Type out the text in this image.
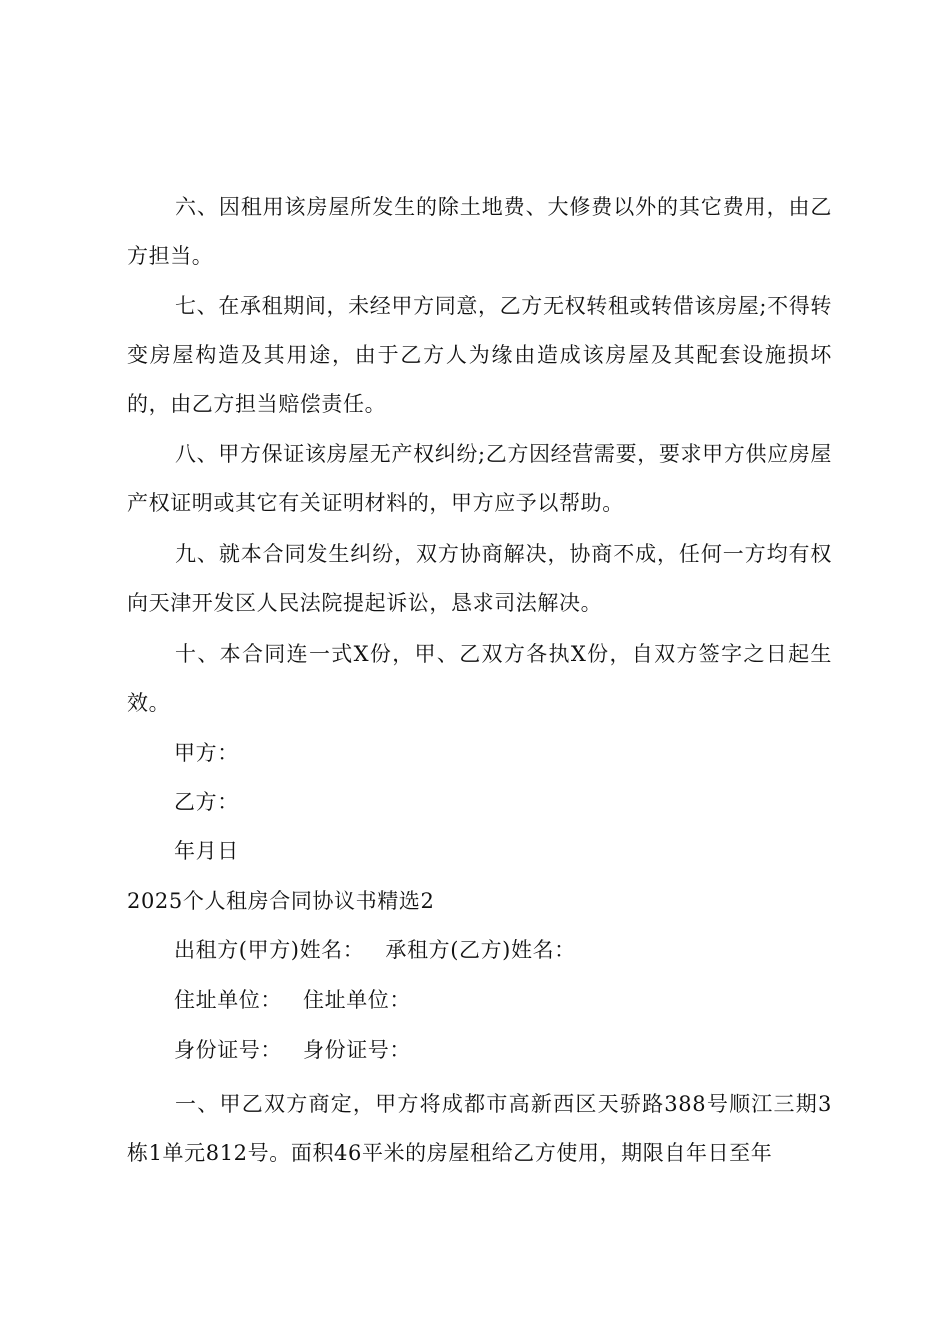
六、因租用该房屋所发生的除土地费、大修费以外的其它费用，由乙方担当。

七、在承租期间，未经甲方同意，乙方无权转租或转借该房屋;不得转变房屋构造及其用途，由于乙方人为缘由造成该房屋及其配套设施损坏的，由乙方担当赔偿责任。

八、甲方保证该房屋无产权纠纷;乙方因经营需要，要求甲方供应房屋产权证明或其它有关证明材料的，甲方应予以帮助。

九、就本合同发生纠纷，双方协商解决，协商不成，任何一方均有权向天津开发区人民法院提起诉讼，恳求司法解决。

十、本合同连一式X份，甲、乙双方各执X份，自双方签字之日起生效。

甲方：

乙方：

年月日

2025个人租房合同协议书精选2

出租方(甲方)姓名： 承租方(乙方)姓名：

住址单位： 住址单位：

身份证号： 身份证号：

一、甲乙双方商定，甲方将成都市高新西区天骄路388号顺江三期3栋1单元812号。面积46平米的房屋租给乙方使用，期限自年日至年
